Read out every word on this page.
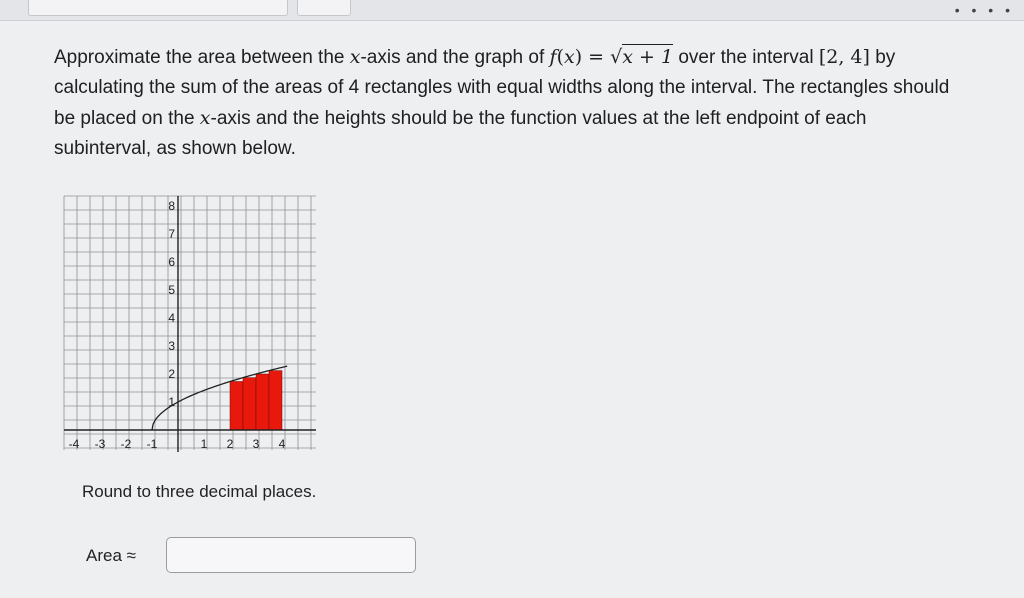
• • • •
Approximate the area between the x-axis and the graph of f(x) = √x + 1 over the interval [2, 4] by calculating the sum of the areas of 4 rectangles with equal widths along the interval. The rectangles should be placed on the x-axis and the heights should be the function values at the left endpoint of each subinterval, as shown below.
-4 -3 -2 -1	1 2 3 4
1
2
3
4
5
6
7
8
Round to three decimal places.
Area ≈
